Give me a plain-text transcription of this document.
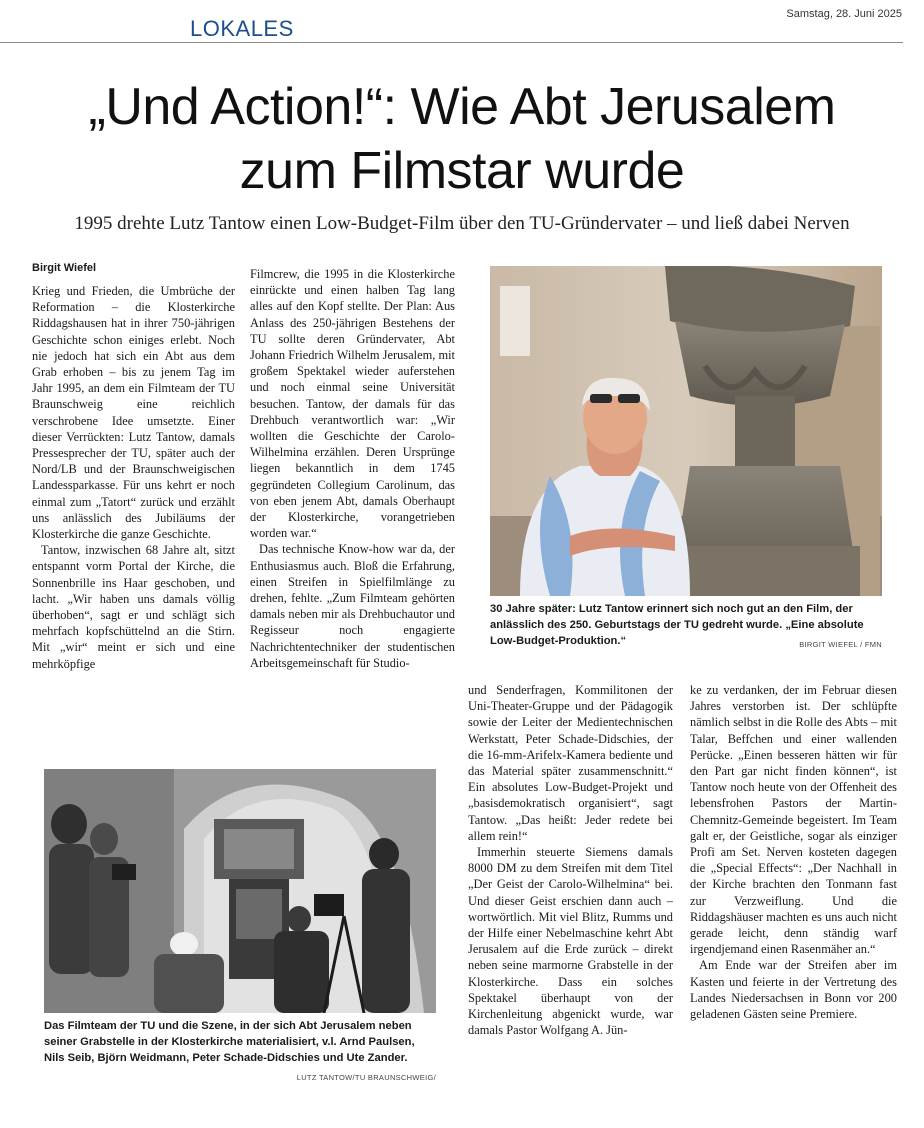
LOKALES
Samstag, 28. Juni 2025
„Und Action!“: Wie Abt Jerusalem
zum Filmstar wurde
1995 drehte Lutz Tantow einen Low-Budget-Film über den TU-Gründervater – und ließ dabei Nerven
Birgit Wiefel

Krieg und Frieden, die Umbrüche der Reformation – die Klosterkirche Riddagshausen hat in ihrer 750-jährigen Geschichte schon einiges erlebt. Noch nie jedoch hat sich ein Abt aus dem Grab erhoben – bis zu jenem Tag im Jahr 1995, an dem ein Filmteam der TU Braunschweig eine reichlich verschrobene Idee umsetzte. Einer dieser Verrückten: Lutz Tantow, damals Pressesprecher der TU, später auch der Nord/LB und der Braunschweigischen Landessparkasse. Für uns kehrt er noch einmal zum „Tatort“ zurück und erzählt uns anlässlich des Jubiläums der Klosterkirche die ganze Geschichte.

Tantow, inzwischen 68 Jahre alt, sitzt entspannt vorm Portal der Kirche, die Sonnenbrille ins Haar geschoben, und lacht. „Wir haben uns damals völlig überhoben“, sagt er und schlägt sich mehrfach kopfschüttelnd an die Stirn. Mit „wir“ meint er sich und eine mehrköpfige

Filmcrew, die 1995 in die Klosterkirche einrückte und einen halben Tag lang alles auf den Kopf stellte. Der Plan: Aus Anlass des 250-jährigen Bestehens der TU sollte deren Gründervater, Abt Johann Friedrich Wilhelm Jerusalem, mit großem Spektakel wieder auferstehen und noch einmal seine Universität besuchen. Tantow, der damals für das Drehbuch verantwortlich war: „Wir wollten die Geschichte der Carolo-Wilhelmina erzählen. Deren Ursprünge liegen bekanntlich in dem 1745 gegründeten Collegium Carolinum, das von eben jenem Abt, damals Oberhaupt der Klosterkirche, vorangetrieben worden war.“

Das technische Know-how war da, der Enthusiasmus auch. Bloß die Erfahrung, einen Streifen in Spielfilmlänge zu drehen, fehlte. „Zum Filmteam gehörten damals neben mir als Drehbuchautor und Regisseur noch engagierte Nachrichtentechniker der studentischen Arbeitsgemeinschaft für Studio-

30 Jahre später: Lutz Tantow erinnert sich noch gut an den Film, der anlässlich des 250. Geburtstags der TU gedreht wurde. „Eine absolute Low-Budget-Produktion.“	BIRGIT WIEFEL / FMN

und Senderfragen, Kommilitonen der Uni-Theater-Gruppe und der Pädagogik sowie der Leiter der Medientechnischen Werkstatt, Peter Schade-Didschies, der die 16-mm-Arifelx-Kamera bediente und das Material später zusammenschnitt.“ Ein absolutes Low-Budget-Projekt und „basisdemokratisch organisiert“, sagt Tantow. „Das heißt: Jeder redete bei allem rein!“

Immerhin steuerte Siemens damals 8000 DM zu dem Streifen mit dem Titel „Der Geist der Carolo-Wilhelmina“ bei. Und dieser Geist erschien dann auch – wortwörtlich. Mit viel Blitz, Rumms und der Hilfe einer Nebelmaschine kehrt Abt Jerusalem auf die Erde zurück – direkt neben seine marmorne Grabstelle in der Klosterkirche. Dass ein solches Spektakel überhaupt von der Kirchenleitung abgenickt wurde, war damals Pastor Wolfgang A. Jün-

ke zu verdanken, der im Februar diesen Jahres verstorben ist. Der schlüpfte nämlich selbst in die Rolle des Abts – mit Talar, Beffchen und einer wallenden Perücke. „Einen besseren hätten wir für den Part gar nicht finden können“, ist Tantow noch heute von der Offenheit des lebensfrohen Pastors der Martin-Chemnitz-Gemeinde begeistert. Im Team galt er, der Geistliche, sogar als einziger Profi am Set. Nerven kosteten dagegen die „Special Effects“: „Der Nachhall in der Kirche brachten den Tonmann fast zur Verzweiflung. Und die Riddagshäuser machten es uns auch nicht gerade leicht, denn ständig warf irgendjemand einen Rasenmäher an.“

Am Ende war der Streifen aber im Kasten und feierte in der Vertretung des Landes Niedersachsen in Bonn vor 200 geladenen Gästen seine Premiere.

Das Filmteam der TU und die Szene, in der sich Abt Jerusalem neben seiner Grabstelle in der Klosterkirche materialisiert, v.l. Arnd Paulsen, Nils Seib, Björn Weidmann, Peter Schade-Didschies und Ute Zander.
LUTZ TANTOW/TU BRAUNSCHWEIG/
